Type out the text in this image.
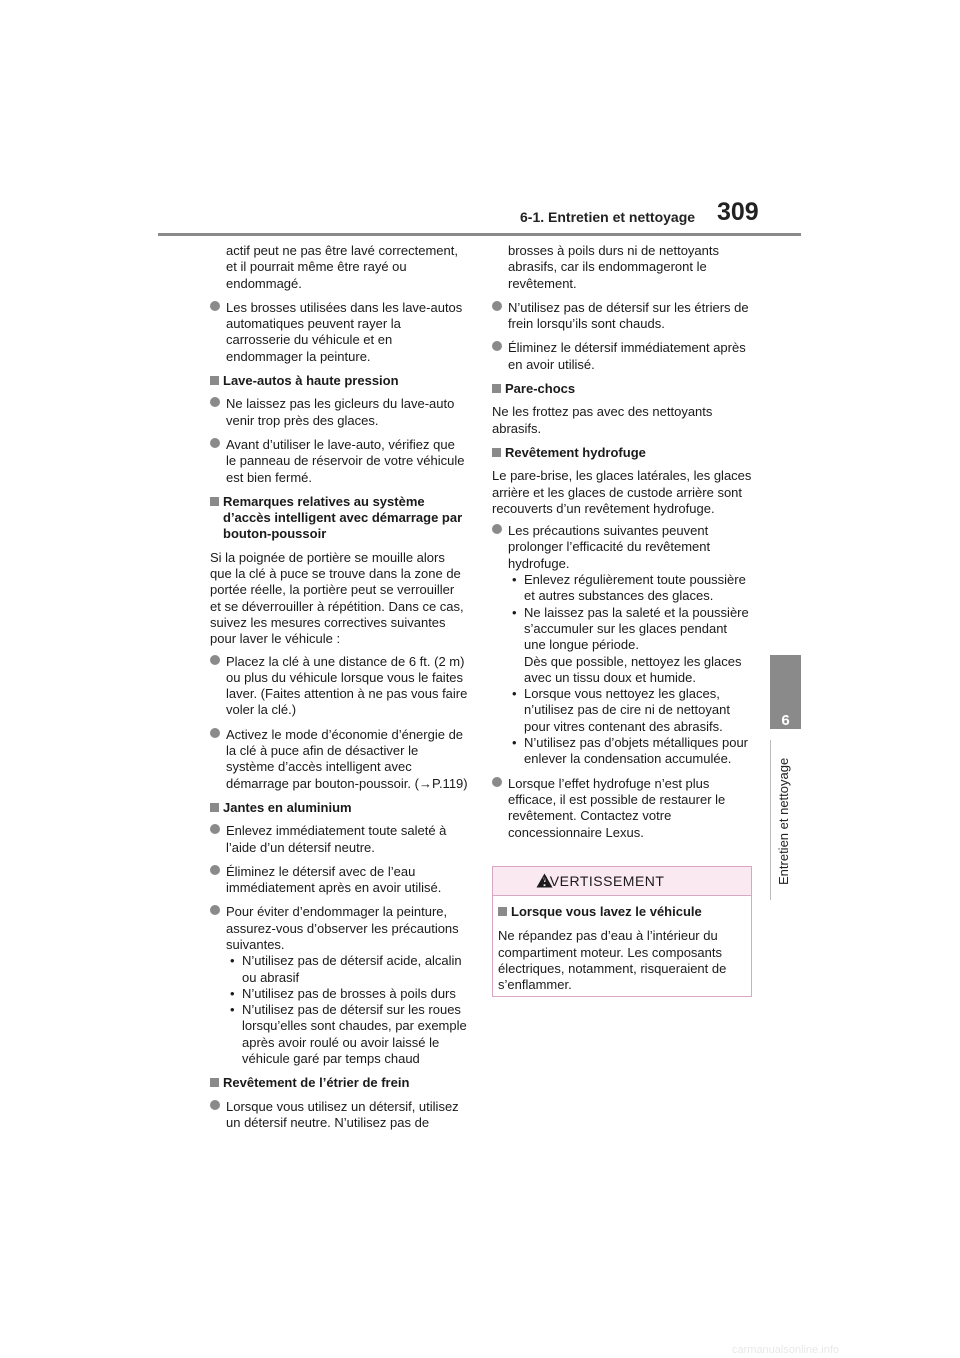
6-1. Entretien et nettoyage 309
6
Entretien et nettoyage
actif peut ne pas être lavé correctement, et il pourrait même être rayé ou endommagé.
Les brosses utilisées dans les lave-autos automatiques peuvent rayer la carrosserie du véhicule et en endommager la peinture.
Lave-autos à haute pression
Ne laissez pas les gicleurs du lave-auto venir trop près des glaces.
Avant d’utiliser le lave-auto, vérifiez que le panneau de réservoir de votre véhicule est bien fermé.
Remarques relatives au système d’accès intelligent avec démarrage par bouton-poussoir
Si la poignée de portière se mouille alors que la clé à puce se trouve dans la zone de portée réelle, la portière peut se verrouiller et se déverrouiller à répétition. Dans ce cas, suivez les mesures correctives suivantes pour laver le véhicule :
Placez la clé à une distance de 6 ft. (2 m) ou plus du véhicule lorsque vous le faites laver. (Faites attention à ne pas vous faire voler la clé.)
Activez le mode d’économie d’énergie de la clé à puce afin de désactiver le système d’accès intelligent avec démarrage par bouton-poussoir. (→P.119)
Jantes en aluminium
Enlevez immédiatement toute saleté à l’aide d’un détersif neutre.
Éliminez le détersif avec de l’eau immédiatement après en avoir utilisé.
Pour éviter d’endommager la peinture, assurez-vous d’observer les précautions suivantes.
• N’utilisez pas de détersif acide, alcalin ou abrasif
• N’utilisez pas de brosses à poils durs
• N’utilisez pas de détersif sur les roues lorsqu’elles sont chaudes, par exemple après avoir roulé ou avoir laissé le véhicule garé par temps chaud
Revêtement de l’étrier de frein
Lorsque vous utilisez un détersif, utilisez un détersif neutre. N’utilisez pas de
brosses à poils durs ni de nettoyants abrasifs, car ils endommageront le revêtement.
N’utilisez pas de détersif sur les étriers de frein lorsqu’ils sont chauds.
Éliminez le détersif immédiatement après en avoir utilisé.
Pare-chocs
Ne les frottez pas avec des nettoyants abrasifs.
Revêtement hydrofuge
Le pare-brise, les glaces latérales, les glaces arrière et les glaces de custode arrière sont recouverts d’un revêtement hydrofuge.
Les précautions suivantes peuvent prolonger l’efficacité du revêtement hydrofuge.
• Enlevez régulièrement toute poussière et autres substances des glaces.
• Ne laissez pas la saleté et la poussière s’accumuler sur les glaces pendant une longue période.
Dès que possible, nettoyez les glaces avec un tissu doux et humide.
• Lorsque vous nettoyez les glaces, n’utilisez pas de cire ni de nettoyant pour vitres contenant des abrasifs.
• N’utilisez pas d’objets métalliques pour enlever la condensation accumulée.
Lorsque l’effet hydrofuge n’est plus efficace, il est possible de restaurer le revêtement. Contactez votre concessionnaire Lexus.
AVERTISSEMENT
Lorsque vous lavez le véhicule
Ne répandez pas d’eau à l’intérieur du compartiment moteur. Les composants électriques, notamment, risqueraient de s’enflammer.
carmanualsonline.info
